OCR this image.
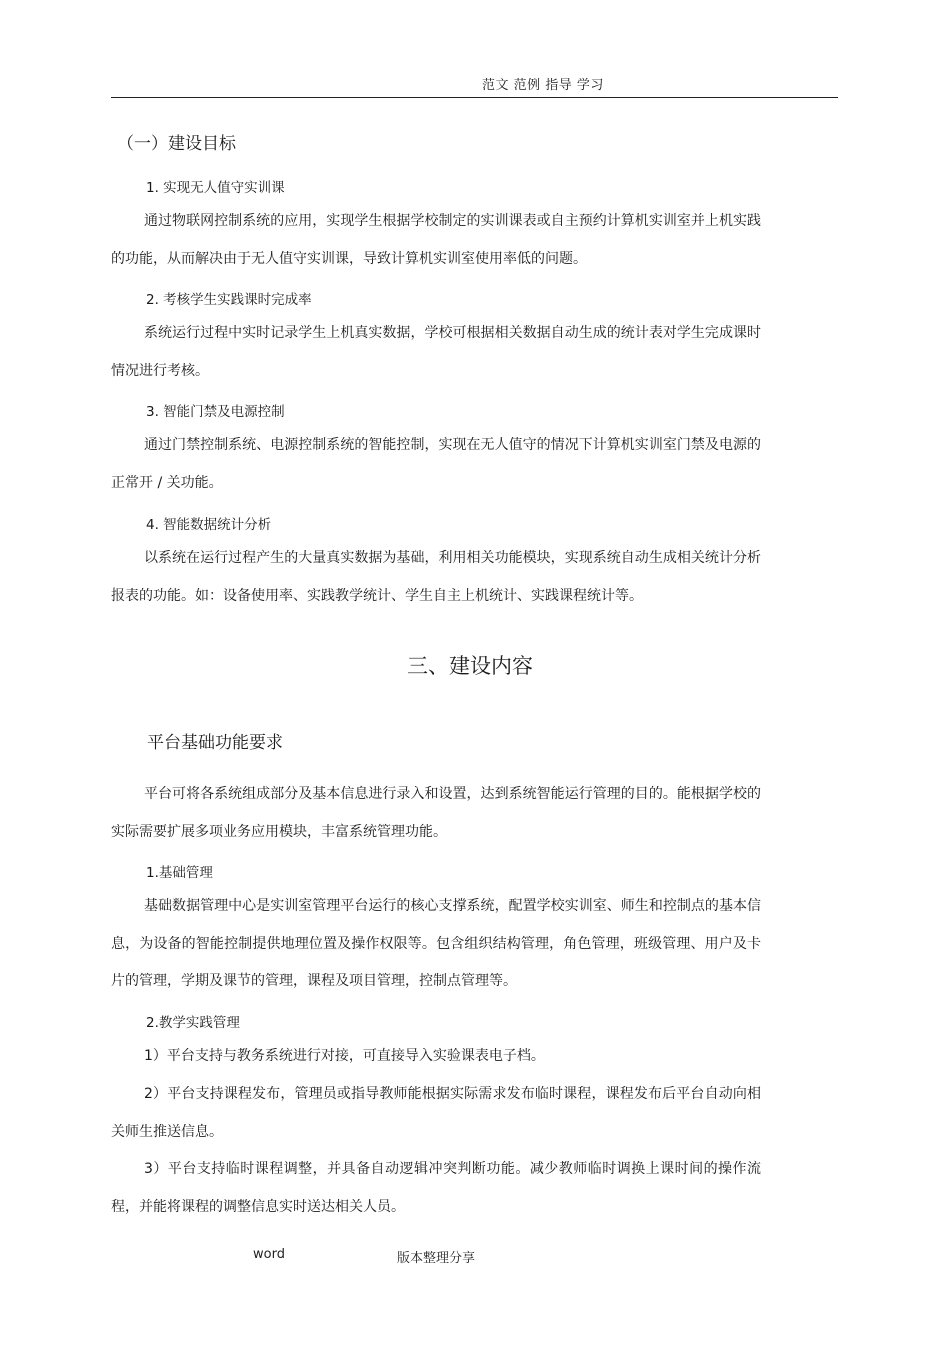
范文 范例 指导 学习
（一）建设目标
1. 实现无人值守实训课
通过物联网控制系统的应用，实现学生根据学校制定的实训课表或自主预约计算机实训室并上机实践的功能，从而解决由于无人值守实训课，导致计算机实训室使用率低的问题。
2. 考核学生实践课时完成率
系统运行过程中实时记录学生上机真实数据，学校可根据相关数据自动生成的统计表对学生完成课时情况进行考核。
3. 智能门禁及电源控制
通过门禁控制系统、电源控制系统的智能控制，实现在无人值守的情况下计算机实训室门禁及电源的正常开 / 关功能。
4. 智能数据统计分析
以系统在运行过程产生的大量真实数据为基础，利用相关功能模块，实现系统自动生成相关统计分析报表的功能。如：设备使用率、实践教学统计、学生自主上机统计、实践课程统计等。
三、建设内容
平台基础功能要求
平台可将各系统组成部分及基本信息进行录入和设置，达到系统智能运行管理的目的。能根据学校的实际需要扩展多项业务应用模块，丰富系统管理功能。
1.基础管理
基础数据管理中心是实训室管理平台运行的核心支撑系统，配置学校实训室、师生和控制点的基本信息，为设备的智能控制提供地理位置及操作权限等。包含组织结构管理，角色管理，班级管理、用户及卡片的管理，学期及课节的管理，课程及项目管理，控制点管理等。
2.教学实践管理
1）平台支持与教务系统进行对接，可直接导入实验课表电子档。
2）平台支持课程发布，管理员或指导教师能根据实际需求发布临时课程，课程发布后平台自动向相关师生推送信息。
3）平台支持临时课程调整，并具备自动逻辑冲突判断功能。减少教师临时调换上课时间的操作流程，并能将课程的调整信息实时送达相关人员。
word	版本整理分享
